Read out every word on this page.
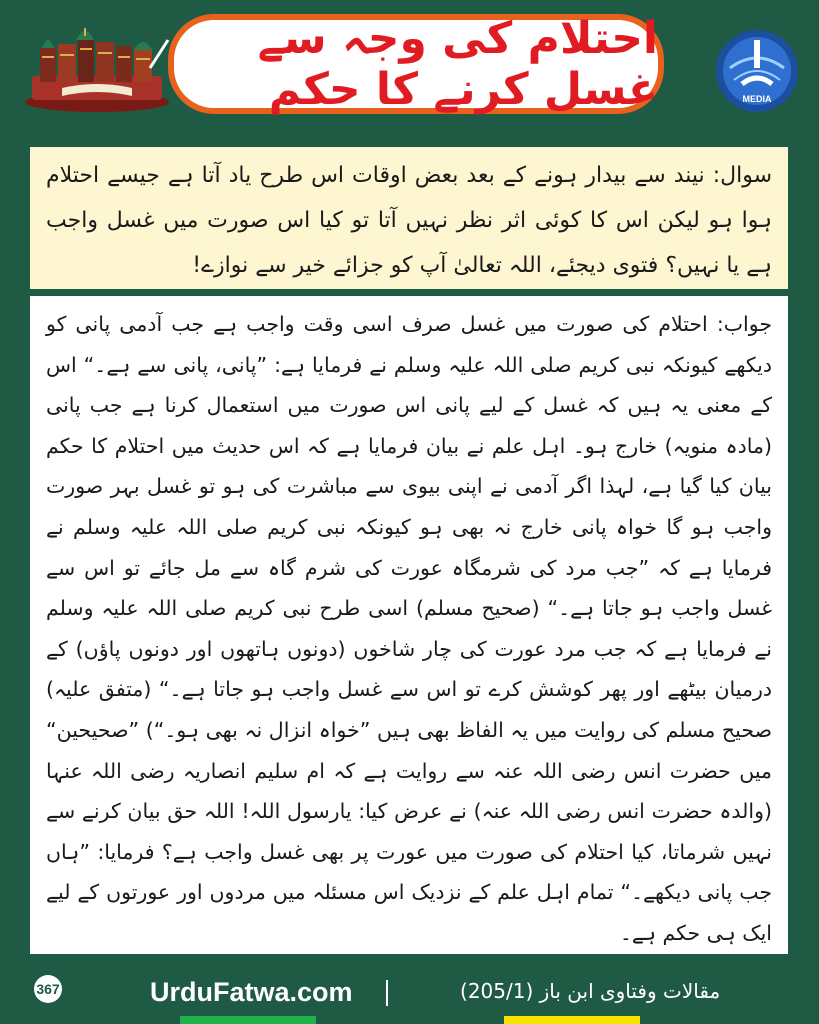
احتلام کی وجہ سے غسل کرنے کا حکم	MEDIA

سوال: نیند سے بیدار ہونے کے بعد بعض اوقات اس طرح یاد آتا ہے جیسے احتلام ہوا ہو لیکن اس کا کوئی اثر نظر نہیں آتا تو کیا اس صورت میں غسل واجب ہے یا نہیں؟ فتوی دیجئے، اللہ تعالیٰ آپ کو جزائے خیر سے نوازے!

جواب: احتلام کی صورت میں غسل صرف اسی وقت واجب ہے جب آدمی پانی کو دیکھے کیونکہ نبی کریم صلی اللہ علیہ وسلم نے فرمایا ہے: ”پانی، پانی سے ہے۔“ اس کے معنی یہ ہیں کہ غسل کے لیے پانی اس صورت میں استعمال کرنا ہے جب پانی (مادہ منویہ) خارج ہو۔ اہل علم نے بیان فرمایا ہے کہ اس حدیث میں احتلام کا حکم بیان کیا گیا ہے، لہذا اگر آدمی نے اپنی بیوی سے مباشرت کی ہو تو غسل بہر صورت واجب ہو گا خواہ پانی خارج نہ بھی ہو کیونکہ نبی کریم صلی اللہ علیہ وسلم نے فرمایا ہے کہ ”جب مرد کی شرمگاہ عورت کی شرم گاہ سے مل جائے تو اس سے غسل واجب ہو جاتا ہے۔“ (صحیح مسلم) اسی طرح نبی کریم صلی اللہ علیہ وسلم نے فرمایا ہے کہ جب مرد عورت کی چار شاخوں (دونوں ہاتھوں اور دونوں پاؤں) کے درمیان بیٹھے اور پھر کوشش کرے تو اس سے غسل واجب ہو جاتا ہے۔“ (متفق علیہ) صحیح مسلم کی روایت میں یہ الفاظ بھی ہیں ”خواہ انزال نہ بھی ہو۔“) ”صحیحین“ میں حضرت انس رضی اللہ عنہ سے روایت ہے کہ ام سلیم انصاریہ رضی اللہ عنہا (والدہ حضرت انس رضی اللہ عنہ) نے عرض کیا: یارسول اللہ! اللہ حق بیان کرنے سے نہیں شرماتا، کیا احتلام کی صورت میں عورت پر بھی غسل واجب ہے؟ فرمایا: ”ہاں جب پانی دیکھے۔“ تمام اہل علم کے نزدیک اس مسئلہ میں مردوں اور عورتوں کے لیے ایک ہی حکم ہے۔

367	UrduFatwa.com	مقالات وفتاوی ابن باز (205/1)
